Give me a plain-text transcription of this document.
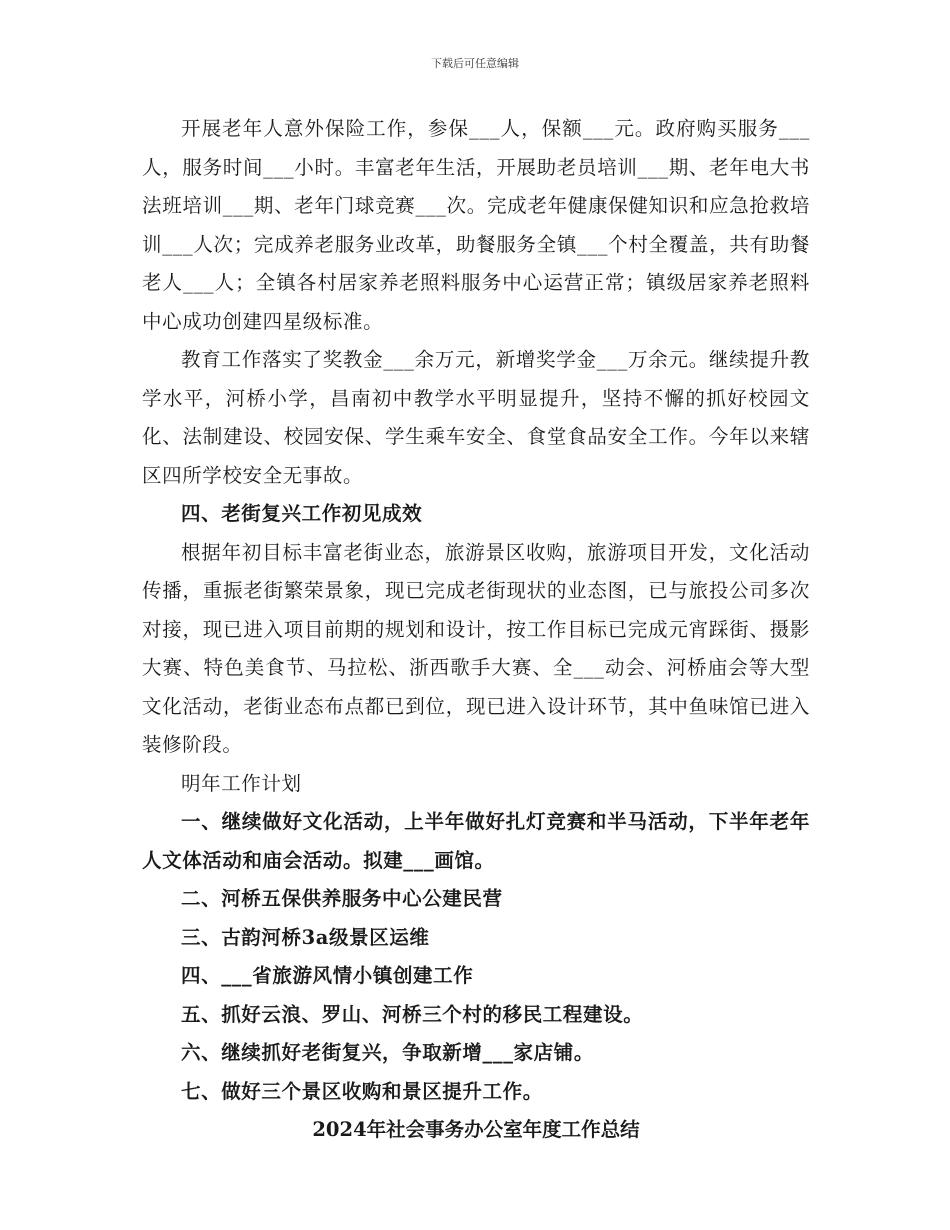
下载后可任意编辑

开展老年人意外保险工作，参保___人，保额___元。政府购买服务___人，服务时间___小时。丰富老年生活，开展助老员培训___期、老年电大书法班培训___期、老年门球竞赛___次。完成老年健康保健知识和应急抢救培训___人次；完成养老服务业改革，助餐服务全镇___个村全覆盖，共有助餐老人___人；全镇各村居家养老照料服务中心运营正常；镇级居家养老照料中心成功创建四星级标准。

教育工作落实了奖教金___余万元，新增奖学金___万余元。继续提升教学水平，河桥小学，昌南初中教学水平明显提升，坚持不懈的抓好校园文化、法制建设、校园安保、学生乘车安全、食堂食品安全工作。今年以来辖区四所学校安全无事故。

四、老街复兴工作初见成效

根据年初目标丰富老街业态，旅游景区收购，旅游项目开发，文化活动传播，重振老街繁荣景象，现已完成老街现状的业态图，已与旅投公司多次对接，现已进入项目前期的规划和设计，按工作目标已完成元宵踩街、摄影大赛、特色美食节、马拉松、浙西歌手大赛、全___动会、河桥庙会等大型文化活动，老街业态布点都已到位，现已进入设计环节，其中鱼味馆已进入装修阶段。

明年工作计划

一、继续做好文化活动，上半年做好扎灯竞赛和半马活动，下半年老年人文体活动和庙会活动。拟建___画馆。

二、河桥五保供养服务中心公建民营

三、古韵河桥3a级景区运维

四、___省旅游风情小镇创建工作

五、抓好云浪、罗山、河桥三个村的移民工程建设。

六、继续抓好老街复兴，争取新增___家店铺。

七、做好三个景区收购和景区提升工作。

2024年社会事务办公室年度工作总结
